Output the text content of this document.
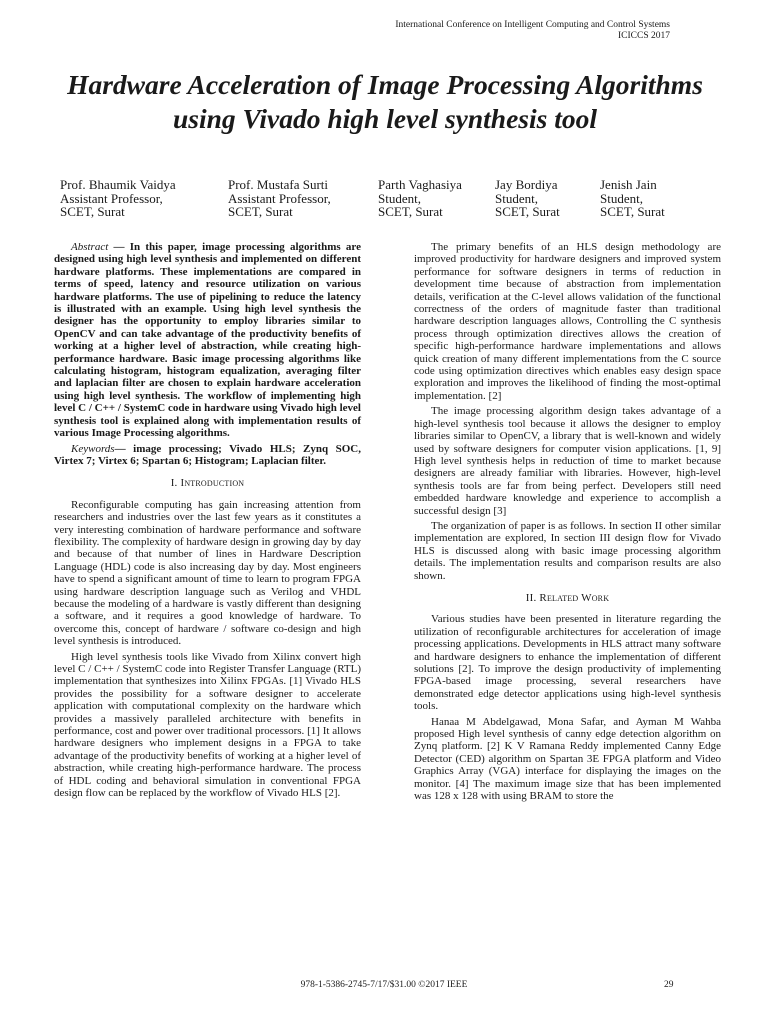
International Conference on Intelligent Computing and Control Systems
ICICCS 2017
Hardware Acceleration of Image Processing Algorithms using Vivado high level synthesis tool
Prof. Bhaumik Vaidya
Assistant Professor,
SCET, Surat
Prof. Mustafa Surti
Assistant Professor,
SCET, Surat
Parth Vaghasiya
Student,
SCET, Surat
Jay Bordiya
Student,
SCET, Surat
Jenish Jain
Student,
SCET, Surat

Abstract — In this paper, image processing algorithms are designed using high level synthesis and implemented on different hardware platforms. These implementations are compared in terms of speed, latency and resource utilization on various hardware platforms. The use of pipelining to reduce the latency is illustrated with an example. Using high level synthesis the designer has the opportunity to employ libraries similar to OpenCV and can take advantage of the productivity benefits of working at a higher level of abstraction, while creating high-performance hardware. Basic image processing algorithms like calculating histogram, histogram equalization, averaging filter and laplacian filter are chosen to explain hardware acceleration using high level synthesis. The workflow of implementing high level C / C++ / SystemC code in hardware using Vivado high level synthesis tool is explained along with implementation results of various Image Processing algorithms.

Keywords— image processing; Vivado HLS; Zynq SOC, Virtex 7; Virtex 6; Spartan 6; Histogram; Laplacian filter.

I. Introduction

Reconfigurable computing has gain increasing attention from researchers and industries over the last few years as it constitutes a very interesting combination of hardware performance and software flexibility. The complexity of hardware design in growing day by day and because of that number of lines in Hardware Description Language (HDL) code is also increasing day by day. Most engineers have to spend a significant amount of time to learn to program FPGA using hardware description language such as Verilog and VHDL because the modeling of a hardware is vastly different than designing a software, and it requires a good knowledge of hardware. To overcome this, concept of hardware / software co-design and high level synthesis is introduced.

High level synthesis tools like Vivado from Xilinx convert high level C / C++ / SystemC code into Register Transfer Language (RTL) implementation that synthesizes into Xilinx FPGAs. [1] Vivado HLS provides the possibility for a software designer to accelerate application with computational complexity on the hardware which provides a massively paralleled architecture with benefits in performance, cost and power over traditional processors. [1] It allows hardware designers who implement designs in a FPGA to take advantage of the productivity benefits of working at a higher level of abstraction, while creating high-performance hardware. The process of HDL coding and behavioral simulation in conventional FPGA design flow can be replaced by the workflow of Vivado HLS [2].

The primary benefits of an HLS design methodology are improved productivity for hardware designers and improved system performance for software designers in terms of reduction in development time because of abstraction from implementation details, verification at the C-level allows validation of the functional correctness of the orders of magnitude faster than traditional hardware description languages allows, Controlling the C synthesis process through optimization directives allows the creation of specific high-performance hardware implementations and allows quick creation of many different implementations from the C source code using optimization directives which enables easy design space exploration and improves the likelihood of finding the most-optimal implementation. [2]

The image processing algorithm design takes advantage of a high-level synthesis tool because it allows the designer to employ libraries similar to OpenCV, a library that is well-known and widely used by software designers for computer vision applications. [1, 9] High level synthesis helps in reduction of time to market because designers are already familiar with libraries. However, high-level synthesis tools are far from being perfect. Developers still need embedded hardware knowledge and experience to accomplish a successful design [3]

The organization of paper is as follows. In section II other similar implementation are explored, In section III design flow for Vivado HLS is discussed along with basic image processing algorithm details. The implementation results and comparison results are also shown.

II. Related Work

Various studies have been presented in literature regarding the utilization of reconfigurable architectures for acceleration of image processing applications. Developments in HLS attract many software and hardware designers to enhance the implementation of different solutions [2]. To improve the design productivity of implementing FPGA-based image processing, several researchers have demonstrated edge detector applications using high-level synthesis tools.

Hanaa M Abdelgawad, Mona Safar, and Ayman M Wahba proposed High level synthesis of canny edge detection algorithm on Zynq platform. [2] K V Ramana Reddy implemented Canny Edge Detector (CED) algorithm on Spartan 3E FPGA platform and Video Graphics Array (VGA) interface for displaying the images on the monitor. [4] The maximum image size that has been implemented was 128 x 128 with using BRAM to store the

978-1-5386-2745-7/17/$31.00 ©2017 IEEE	29
